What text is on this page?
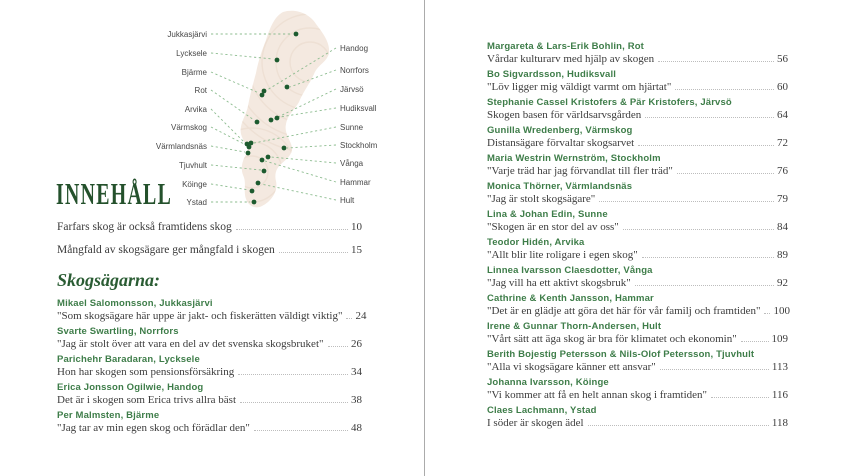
Jukkasjärvi
Lycksele
Bjärme
Rot
Arvika
Värmskog
Värmlandsnäs
Tjuvhult
Köinge
Ystad
Handog
Norrfors
Järvsö
Hudiksvall
Sunne
Stockholm
Vånga
Hammar
Hult
INNEHÅLL
Farfars skog är också framtidens skog	10
Mångfald av skogsägare ger mångfald i skogen	15
Skogsägarna:
Mikael Salomonsson, Jukkasjärvi
"Som skogsägare här uppe är jakt- och fiskerätten väldigt viktig" 24
Svarte Swartling, Norrfors
"Jag är stolt över att vara en del av det svenska skogsbruket"	26
Parichehr Baradaran, Lycksele
Hon har skogen som pensionsförsäkring	34
Erica Jonsson Ogilwie, Handog
Det är i skogen som Erica trivs allra bäst	38
Per Malmsten, Bjärme
"Jag tar av min egen skog och förädlar den"	48
Margareta & Lars-Erik Bohlin, Rot
Vårdar kulturarv med hjälp av skogen	56
Bo Sigvardsson, Hudiksvall
"Löv ligger mig väldigt varmt om hjärtat"	60
Stephanie Cassel Kristofers & Pär Kristofers, Järvsö
Skogen basen för världsarvsgården	64
Gunilla Wredenberg, Värmskog
Distansägare förvaltar skogsarvet	72
Maria Westrin Wernström, Stockholm
"Varje träd har jag förvandlat till fler träd"	76
Monica Thörner, Värmlandsnäs
"Jag är stolt skogsägare"	79
Lina & Johan Edin, Sunne
"Skogen är en stor del av oss"	84
Teodor Hidén, Arvika
"Allt blir lite roligare i egen skog"	89
Linnea Ivarsson Claesdotter, Vånga
"Jag vill ha ett aktivt skogsbruk"	92
Cathrine & Kenth Jansson, Hammar
"Det är en glädje att göra det här för vår familj och framtiden" 100
Irene & Gunnar Thorn-Andersen, Hult
"Vårt sätt att äga skog är bra för klimatet och ekonomin"	109
Berith Bojestig Petersson & Nils-Olof Petersson, Tjuvhult
"Alla vi skogsägare känner ett ansvar"	113
Johanna Ivarsson, Köinge
"Vi kommer att få en helt annan skog i framtiden"	116
Claes Lachmann, Ystad
I söder är skogen ädel	118
